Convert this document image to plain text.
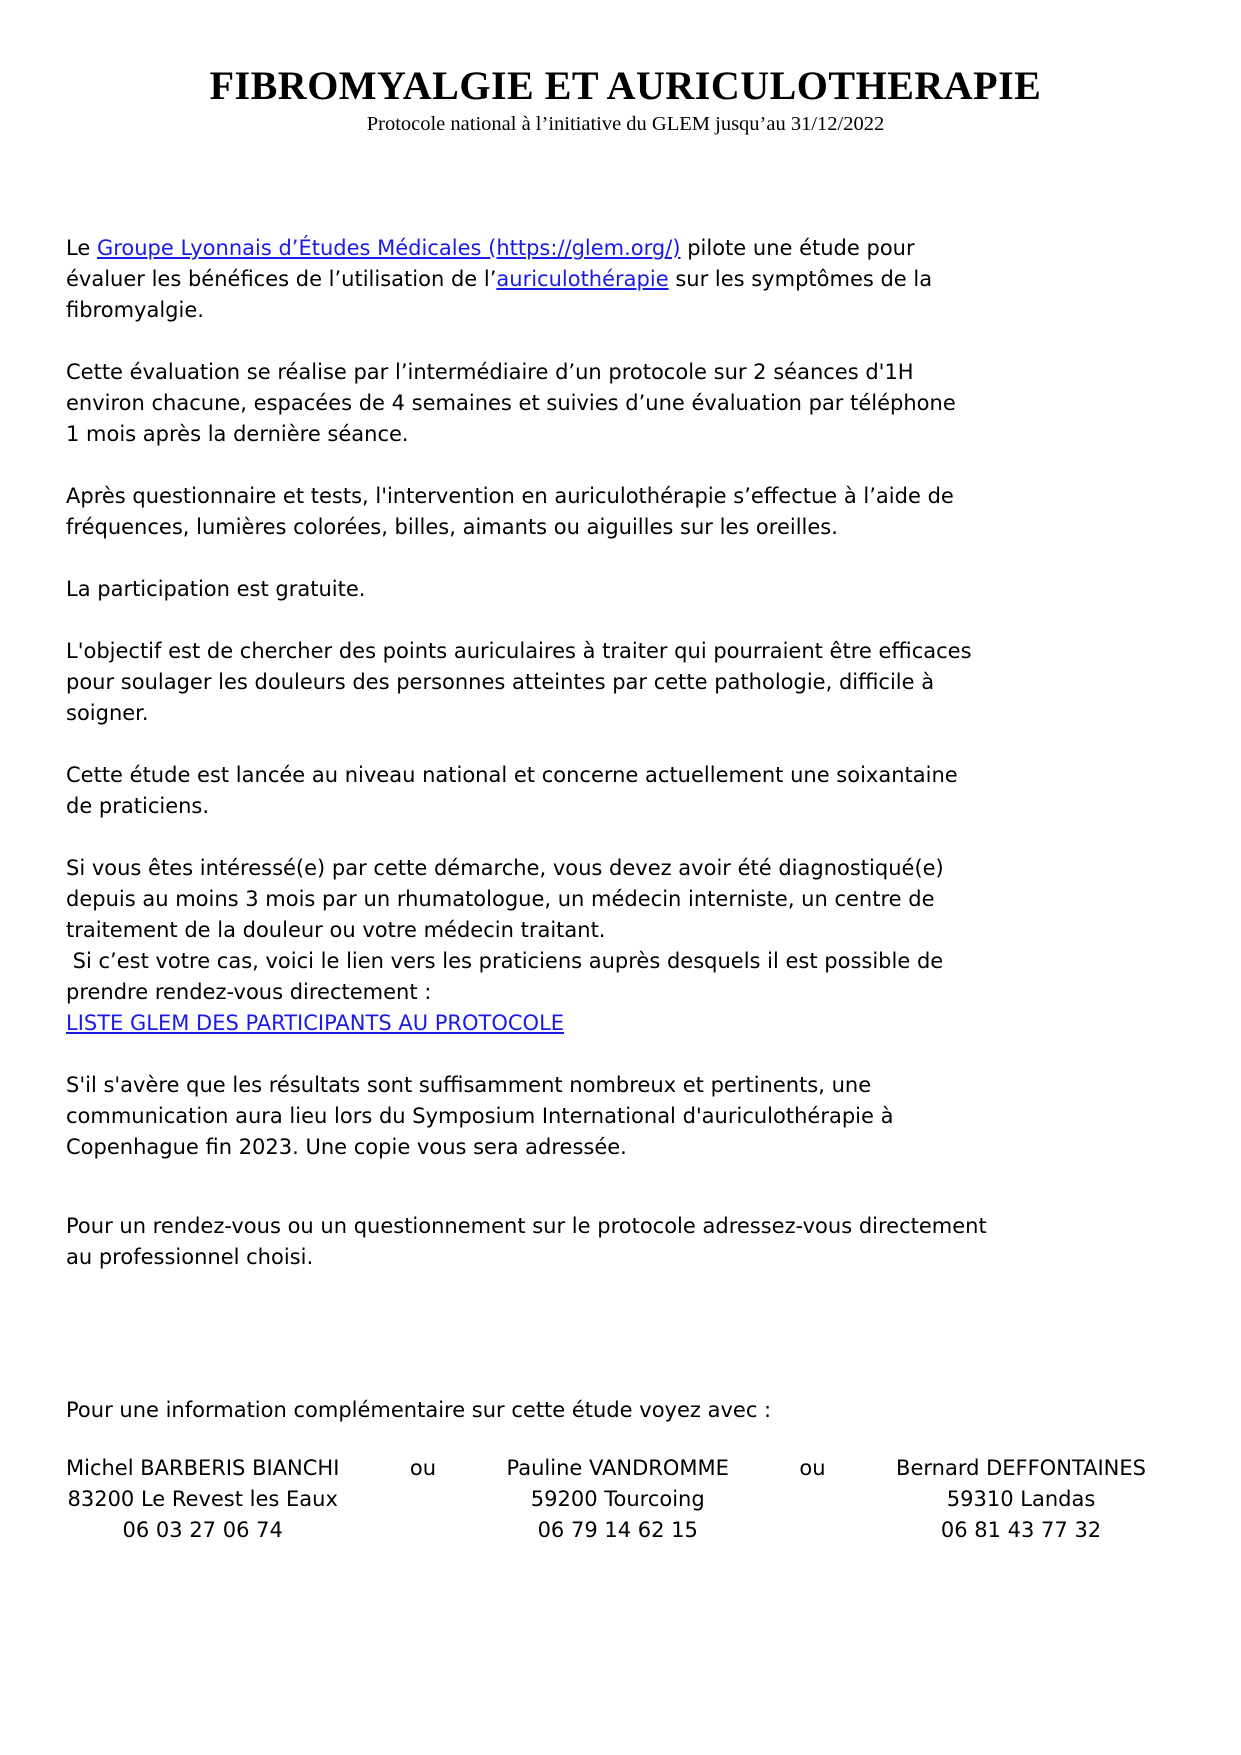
FIBROMYALGIE ET AURICULOTHERAPIE
Protocole national à l’initiative du GLEM jusqu’au 31/12/2022
Le Groupe Lyonnais d’Études Médicales (https://glem.org/) pilote une étude pour
évaluer les bénéfices de l’utilisation de l’auriculothérapie sur les symptômes de la
fibromyalgie.
Cette évaluation se réalise par l’intermédiaire d’un protocole sur 2 séances d'1H
environ chacune, espacées de 4 semaines et suivies d’une évaluation par téléphone
1 mois après la dernière séance.
Après questionnaire et tests, l'intervention en auriculothérapie s’effectue à l’aide de
fréquences, lumières colorées, billes, aimants ou aiguilles sur les oreilles.
La participation est gratuite.
L'objectif est de chercher des points auriculaires à traiter qui pourraient être efficaces
pour soulager les douleurs des personnes atteintes par cette pathologie, difficile à
soigner.
Cette étude est lancée au niveau national et concerne actuellement une soixantaine
de praticiens.
Si vous êtes intéressé(e) par cette démarche, vous devez avoir été diagnostiqué(e)
depuis au moins 3 mois par un rhumatologue, un médecin interniste, un centre de
traitement de la douleur ou votre médecin traitant.
Si c’est votre cas, voici le lien vers les praticiens auprès desquels il est possible de
prendre rendez-vous directement :
LISTE GLEM DES PARTICIPANTS AU PROTOCOLE
S'il s'avère que les résultats sont suffisamment nombreux et pertinents, une
communication aura lieu lors du Symposium International d'auriculothérapie à
Copenhague fin 2023. Une copie vous sera adressée.
Pour un rendez-vous ou un questionnement sur le protocole adressez-vous directement
au professionnel choisi.
Pour une information complémentaire sur cette étude voyez avec :
Michel BARBERIS BIANCHI
83200 Le Revest les Eaux
06 03 27 06 74
ou	Pauline VANDROMME
59200 Tourcoing
06 79 14 62 15
ou	Bernard DEFFONTAINES
59310 Landas
06 81 43 77 32
